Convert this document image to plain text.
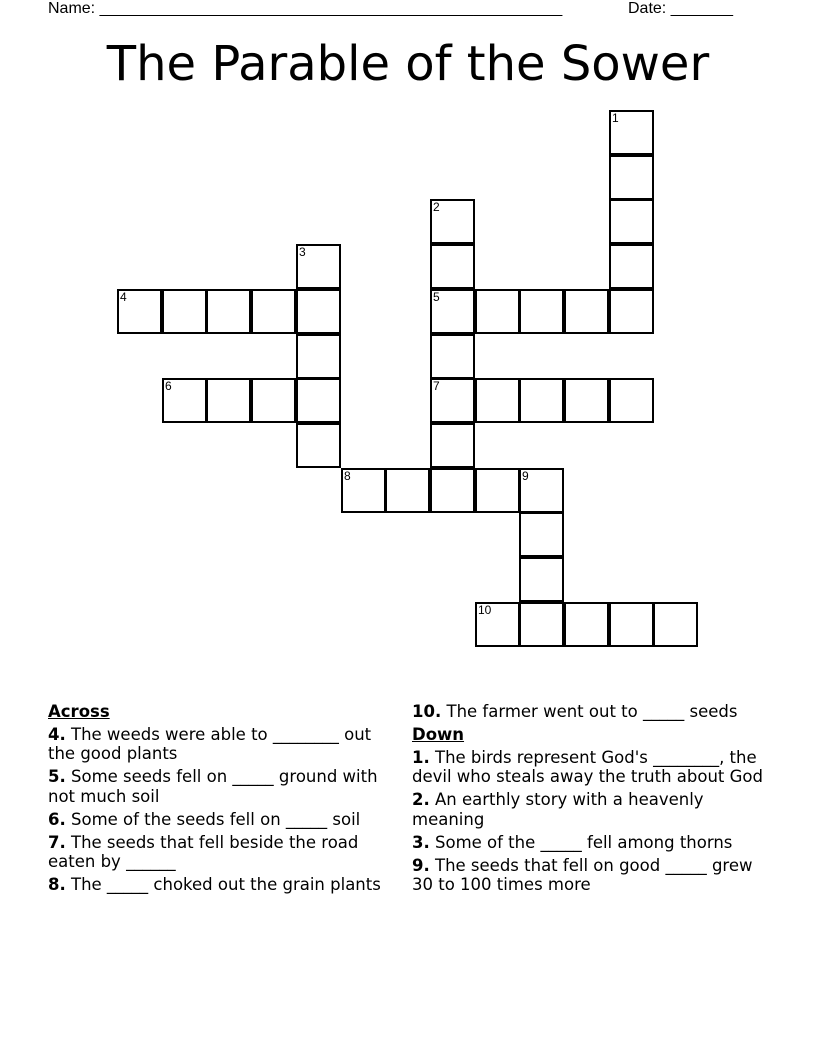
Name: ____________________________________________________	Date: _______
The Parable of the Sower
1
2
5
7
3
4
6
8	9
10
Across
4. The weeds were able to ________ out the good plants
5. Some seeds fell on _____ ground with not much soil
6. Some of the seeds fell on _____ soil
7. The seeds that fell beside the road eaten by ______
8. The _____ choked out the grain plants
10. The farmer went out to _____ seeds
Down
1. The birds represent God's ________, the devil who steals away the truth about God
2. An earthly story with a heavenly meaning
3. Some of the _____ fell among thorns
9. The seeds that fell on good _____ grew 30 to 100 times more
